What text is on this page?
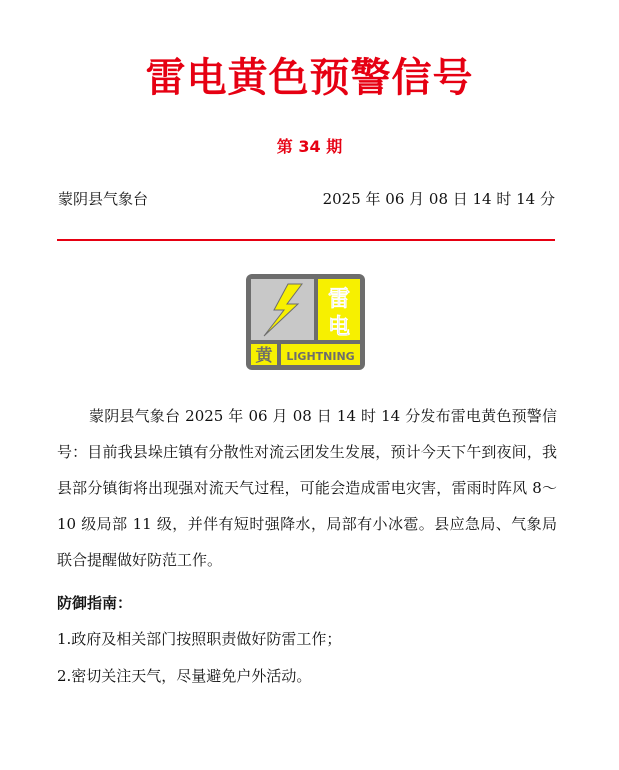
雷电黄色预警信号
第 34 期
蒙阴县气象台	2025 年 06 月 08 日 14 时 14 分
雷
电
黄 LIGHTNING
蒙阴县气象台 2025 年 06 月 08 日 14 时 14 分发布雷电黄色预警信号：目前我县垛庄镇有分散性对流云团发生发展，预计今天下午到夜间，我县部分镇街将出现强对流天气过程，可能会造成雷电灾害，雷雨时阵风 8～10 级局部 11 级，并伴有短时强降水，局部有小冰雹。县应急局、气象局联合提醒做好防范工作。
防御指南：
1.政府及相关部门按照职责做好防雷工作；
2.密切关注天气，尽量避免户外活动。
